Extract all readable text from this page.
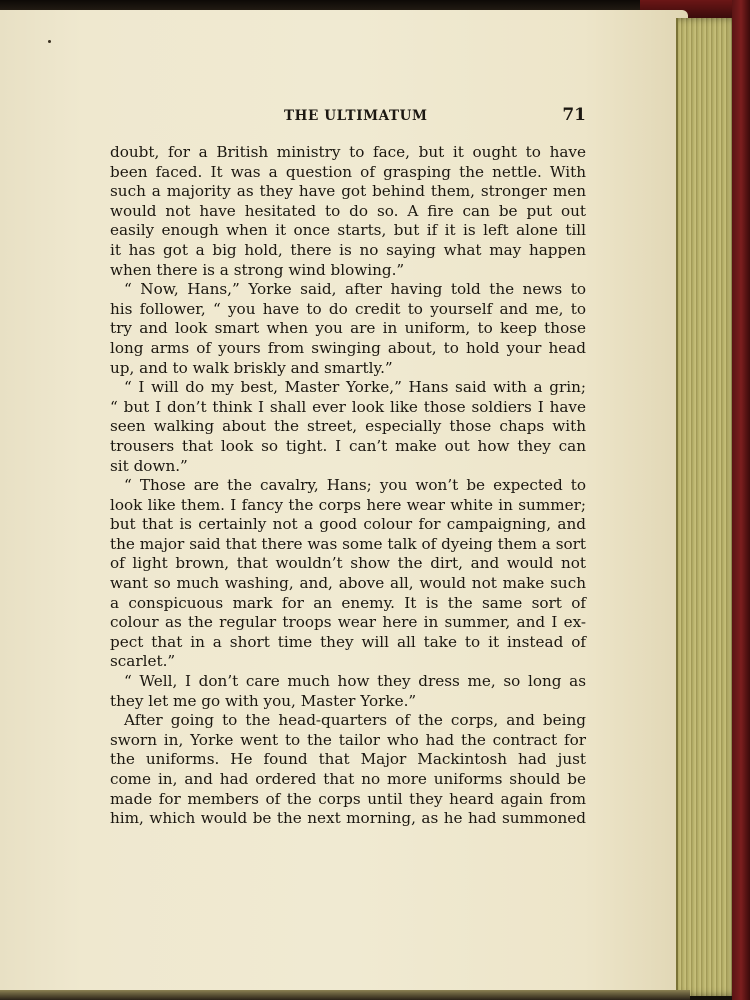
THE ULTIMATUM	71
doubt, for a British ministry to face, but it ought to have
been faced. It was a question of grasping the nettle. With
such a majority as they have got behind them, stronger men
would not have hesitated to do so. A fire can be put out
easily enough when it once starts, but if it is left alone till
it has got a big hold, there is no saying what may happen
when there is a strong wind blowing.”
“ Now, Hans,” Yorke said, after having told the news to
his follower, “ you have to do credit to yourself and me, to
try and look smart when you are in uniform, to keep those
long arms of yours from swinging about, to hold your head
up, and to walk briskly and smartly.”
“ I will do my best, Master Yorke,” Hans said with a grin;
“ but I don’t think I shall ever look like those soldiers I have
seen walking about the street, especially those chaps with
trousers that look so tight. I can’t make out how they can
sit down.”
“ Those are the cavalry, Hans; you won’t be expected to
look like them. I fancy the corps here wear white in summer;
but that is certainly not a good colour for campaigning, and
the major said that there was some talk of dyeing them a sort
of light brown, that wouldn’t show the dirt, and would not
want so much washing, and, above all, would not make such
a conspicuous mark for an enemy. It is the same sort of
colour as the regular troops wear here in summer, and I ex-
pect that in a short time they will all take to it instead of
scarlet.”
“ Well, I don’t care much how they dress me, so long as
they let me go with you, Master Yorke.”
After going to the head-quarters of the corps, and being
sworn in, Yorke went to the tailor who had the contract for
the uniforms. He found that Major Mackintosh had just
come in, and had ordered that no more uniforms should be
made for members of the corps until they heard again from
him, which would be the next morning, as he had summoned
